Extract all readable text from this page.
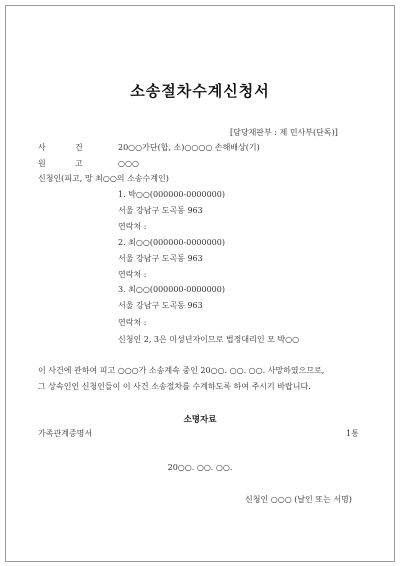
소송절차수계신청서
[담당재판부 : 제 민사부(단독)]
사	건	20○○가단(합, 소)○○○○ 손해배상(기)
원	고	○○○
신청인(피고, 망 최○○의 소송수계인)
1. 박○○(000000-0000000)
서울 강남구 도곡동 963
연락처 :
2. 최○○(000000-0000000)
서울 강남구 도곡동 963
연락처 :
3. 최○○(000000-0000000)
서울 강남구 도곡동 963
연락처 :
신청인 2, 3은 미성년자이므로 법정대리인 모 박○○
이 사건에 관하여 피고 ○○○가 소송계속 중인 20○○. ○○. ○○. 사망하였으므로,
그 상속인인 신청인들이 이 사건 소송절차를 수계하도록 하여 주시기 바랍니다.
소명자료
가족관계증명서	1통
20○○. ○○. ○○.
신청인 ○○○ (날인 또는 서명)
